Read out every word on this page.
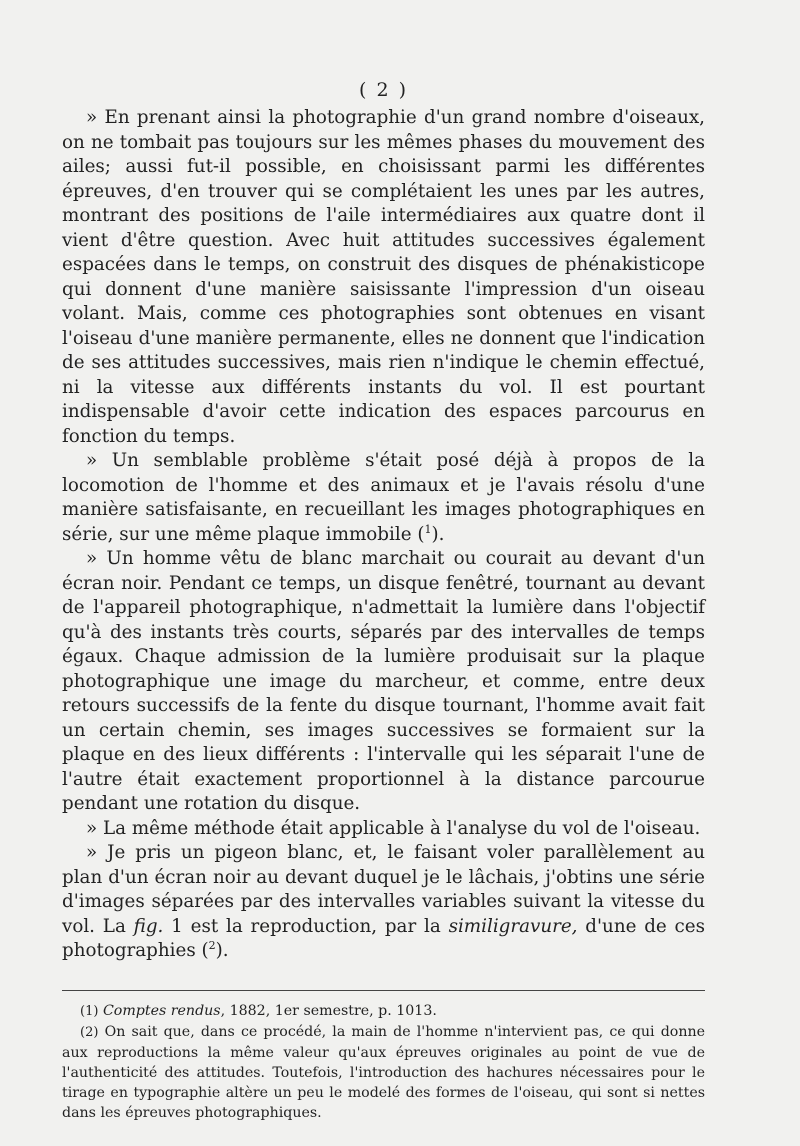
( 2 )

» En prenant ainsi la photographie d'un grand nombre d'oiseaux, on ne tombait pas toujours sur les mêmes phases du mouvement des ailes; aussi fut-il possible, en choisissant parmi les différentes épreuves, d'en trouver qui se complétaient les unes par les autres, montrant des positions de l'aile intermédiaires aux quatre dont il vient d'être question. Avec huit attitudes successives également espacées dans le temps, on construit des disques de phénakisticope qui donnent d'une manière saisissante l'impression d'un oiseau volant. Mais, comme ces photographies sont obtenues en visant l'oiseau d'une manière permanente, elles ne donnent que l'indication de ses attitudes successives, mais rien n'indique le chemin effectué, ni la vitesse aux différents instants du vol. Il est pourtant indispensable d'avoir cette indication des espaces parcourus en fonction du temps.

» Un semblable problème s'était posé déjà à propos de la locomotion de l'homme et des animaux et je l'avais résolu d'une manière satisfaisante, en recueillant les images photographiques en série, sur une même plaque immobile ($^1$).

» Un homme vêtu de blanc marchait ou courait au devant d'un écran noir. Pendant ce temps, un disque fenêtré, tournant au devant de l'appareil photographique, n'admettait la lumière dans l'objectif qu'à des instants très courts, séparés par des intervalles de temps égaux. Chaque admission de la lumière produisait sur la plaque photographique une image du marcheur, et comme, entre deux retours successifs de la fente du disque tournant, l'homme avait fait un certain chemin, ses images successives se formaient sur la plaque en des lieux différents : l'intervalle qui les séparait l'une de l'autre était exactement proportionnel à la distance parcourue pendant une rotation du disque.

» La même méthode était applicable à l'analyse du vol de l'oiseau.

» Je pris un pigeon blanc, et, le faisant voler parallèlement au plan d'un écran noir au devant duquel je le lâchais, j'obtins une série d'images séparées par des intervalles variables suivant la vitesse du vol. La fig. 1 est la reproduction, par la similigravure, d'une de ces photographies ($^2$).

(1) Comptes rendus, 1882, 1er semestre, p. 1013.

(2) On sait que, dans ce procédé, la main de l'homme n'intervient pas, ce qui donne aux reproductions la même valeur qu'aux épreuves originales au point de vue de l'authenticité des attitudes. Toutefois, l'introduction des hachures nécessaires pour le tirage en typographie altère un peu le modelé des formes de l'oiseau, qui sont si nettes dans les épreuves photographiques.
